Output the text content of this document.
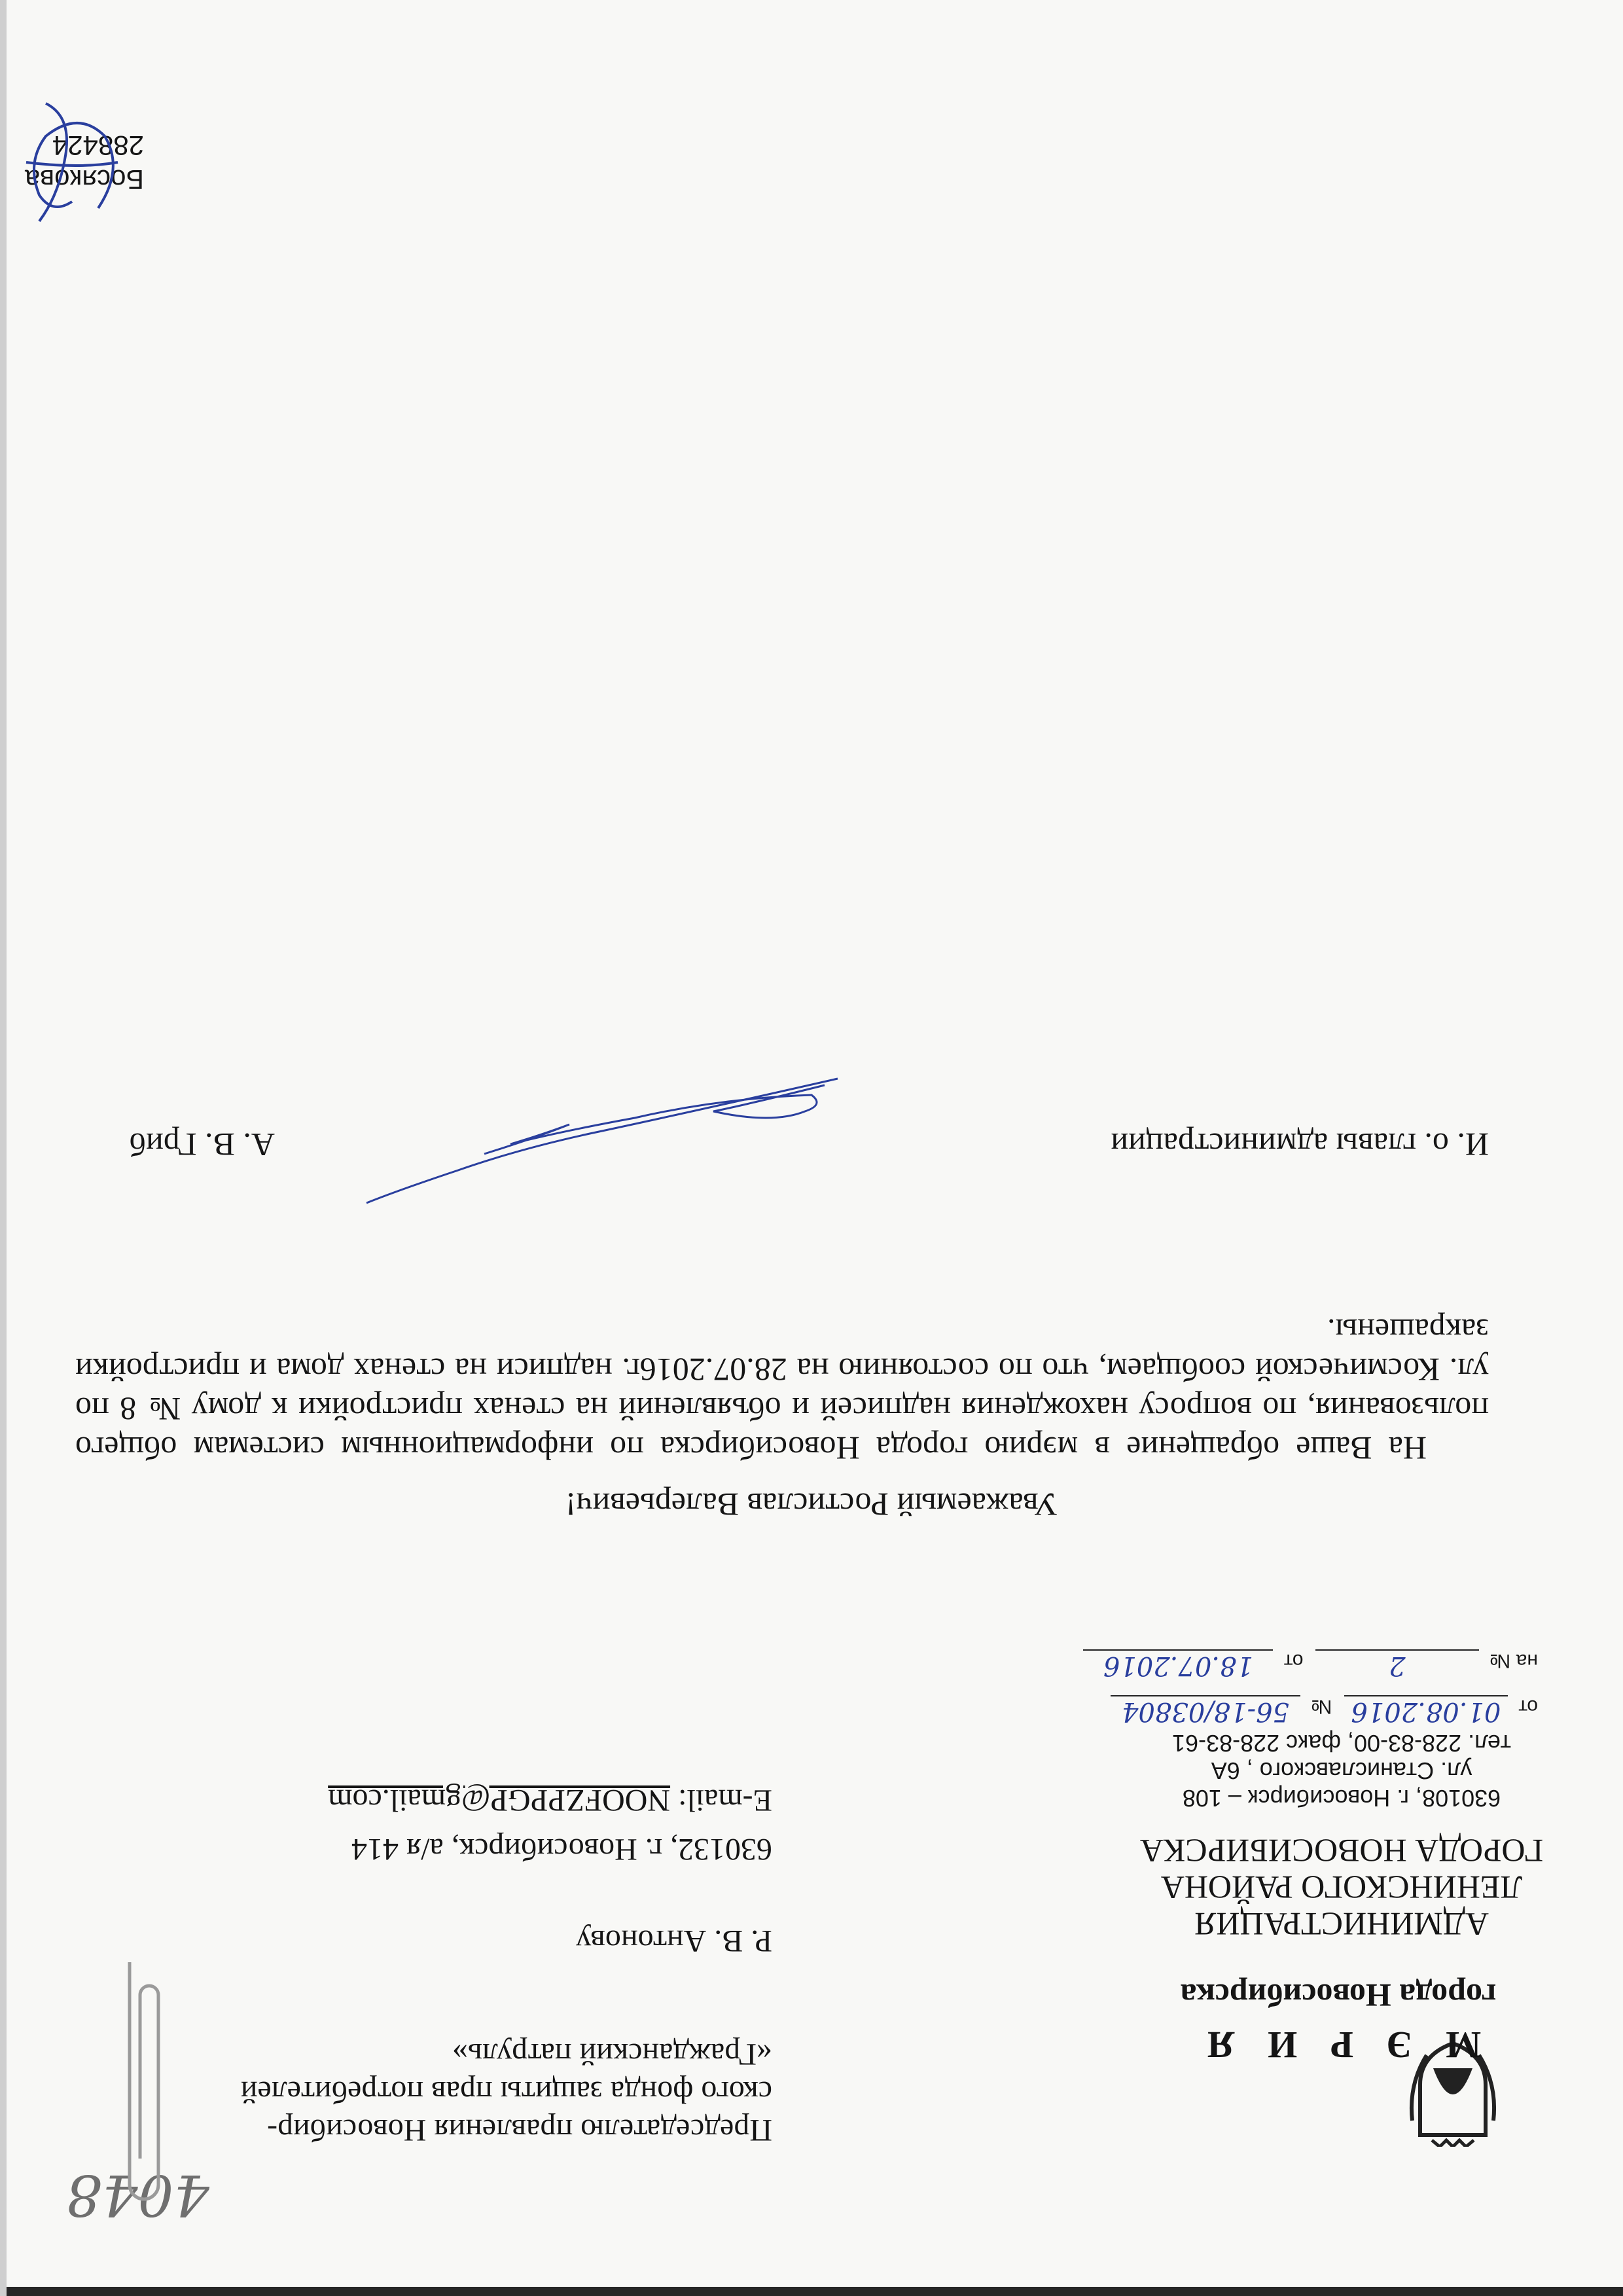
4048
М Э Р И Я
города Новосибирска
АДМИНИСТРАЦИЯ
ЛЕНИНСКОГО РАЙОНА
ГОРОДА НОВОСИБИРСКА
630108, г. Новосибирск – 108
ул. Станиславского , 6А
тел. 228-83-00, факс 228-83-61
от 01.08.2016 № 56-18/03804
на № 2 от 18.07.2016
Председателю правления Новосибир-
ского фонда защиты прав потребителей
«Гражданский патруль»
Р. В. Антонову
630132, г. Новосибирск, а/я 414
E-mail: NOOFZPPGP@gmail.com
Уважаемый Ростислав Валерьевич!
На Ваше обращение в мэрию города Новосибирска по информационным системам общего пользования, по вопросу нахождения надписей и объявлений на стенах пристройки к дому № 8 по ул. Космической сообщаем, что по состоянию на 28.07.2016г. надписи на стенах дома и пристройки закрашены.
И. о. главы администрации
А. В. Гриб
Босякова
288424
